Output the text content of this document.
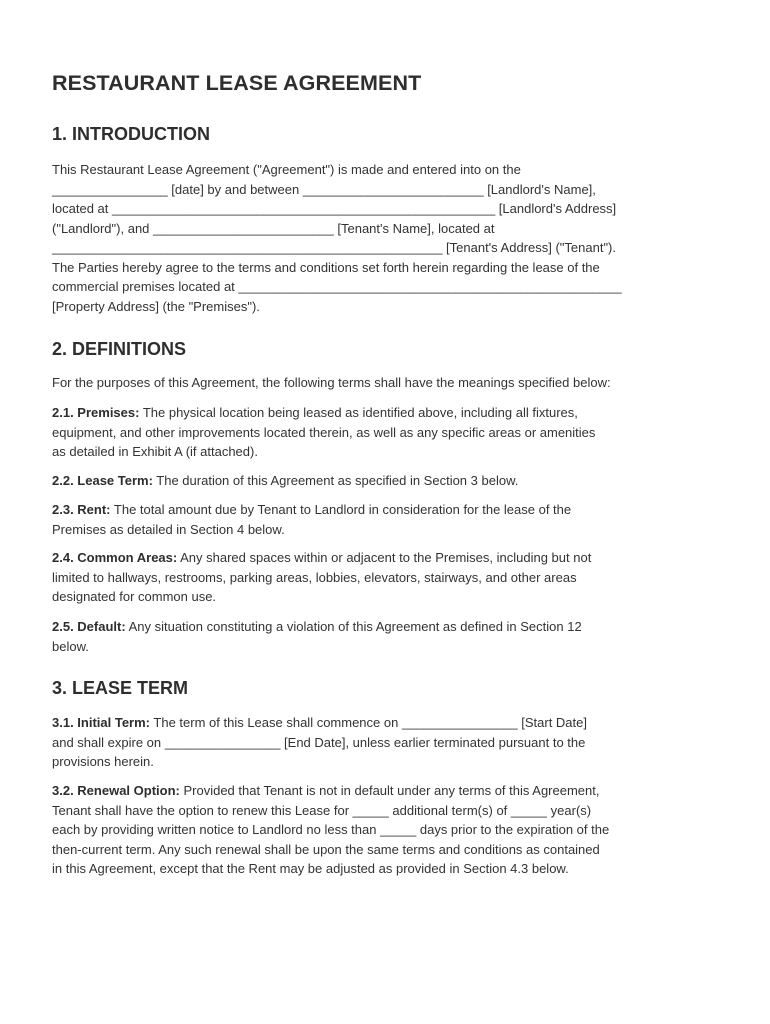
RESTAURANT LEASE AGREEMENT
1. INTRODUCTION

This Restaurant Lease Agreement ("Agreement") is made and entered into on the
________________ [date] by and between _________________________ [Landlord's Name],
located at _____________________________________________________ [Landlord's Address]
("Landlord"), and _________________________ [Tenant's Name], located at
______________________________________________________ [Tenant's Address] ("Tenant").
The Parties hereby agree to the terms and conditions set forth herein regarding the lease of the
commercial premises located at _____________________________________________________
[Property Address] (the "Premises").

2. DEFINITIONS

For the purposes of this Agreement, the following terms shall have the meanings specified below:

2.1. Premises: The physical location being leased as identified above, including all fixtures,
equipment, and other improvements located therein, as well as any specific areas or amenities
as detailed in Exhibit A (if attached).

2.2. Lease Term: The duration of this Agreement as specified in Section 3 below.

2.3. Rent: The total amount due by Tenant to Landlord in consideration for the lease of the
Premises as detailed in Section 4 below.

2.4. Common Areas: Any shared spaces within or adjacent to the Premises, including but not
limited to hallways, restrooms, parking areas, lobbies, elevators, stairways, and other areas
designated for common use.

2.5. Default: Any situation constituting a violation of this Agreement as defined in Section 12
below.

3. LEASE TERM

3.1. Initial Term: The term of this Lease shall commence on ________________ [Start Date]
and shall expire on ________________ [End Date], unless earlier terminated pursuant to the
provisions herein.

3.2. Renewal Option: Provided that Tenant is not in default under any terms of this Agreement,
Tenant shall have the option to renew this Lease for _____ additional term(s) of _____ year(s)
each by providing written notice to Landlord no less than _____ days prior to the expiration of the
then-current term. Any such renewal shall be upon the same terms and conditions as contained
in this Agreement, except that the Rent may be adjusted as provided in Section 4.3 below.
